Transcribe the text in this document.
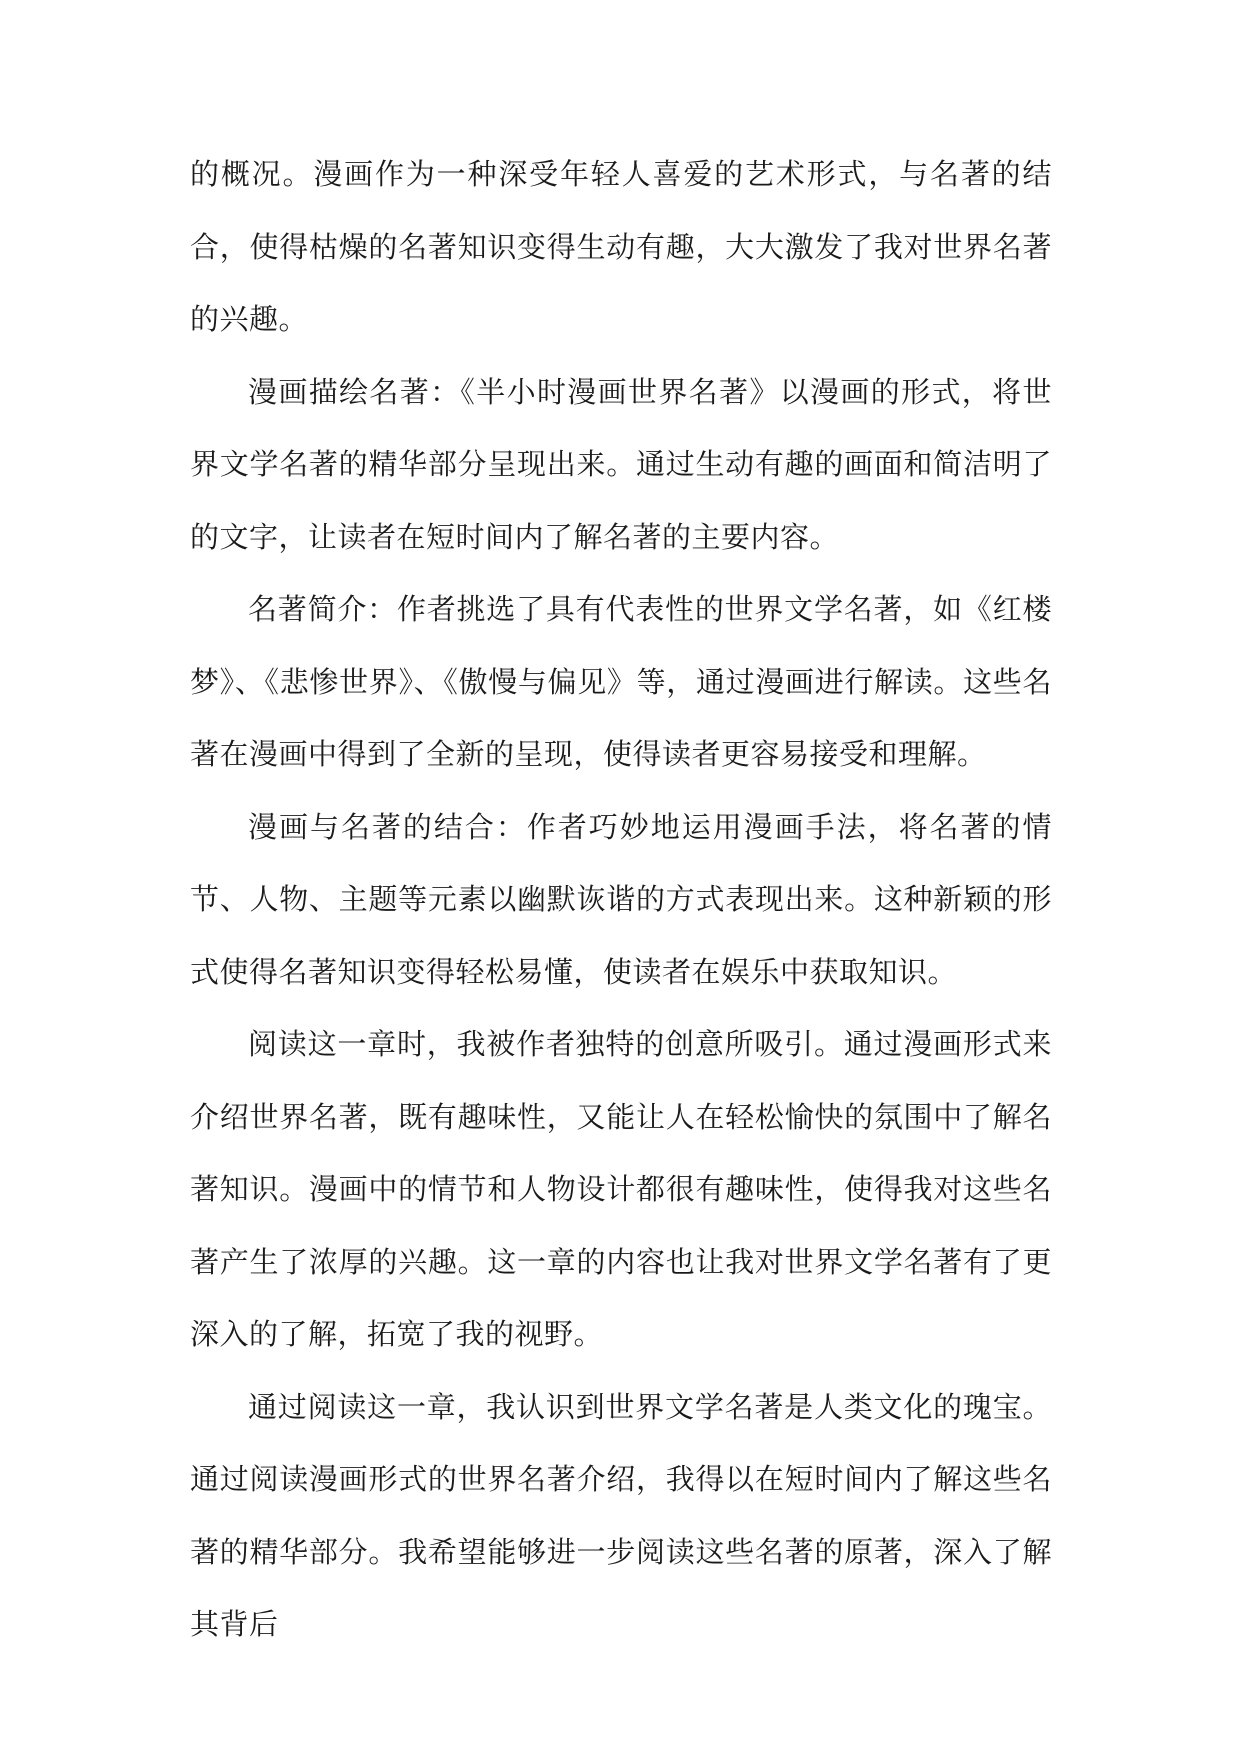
的概况。漫画作为一种深受年轻人喜爱的艺术形式，与名著的结合，使得枯燥的名著知识变得生动有趣，大大激发了我对世界名著的兴趣。

漫画描绘名著：《半小时漫画世界名著》以漫画的形式，将世界文学名著的精华部分呈现出来。通过生动有趣的画面和简洁明了的文字，让读者在短时间内了解名著的主要内容。

名著简介：作者挑选了具有代表性的世界文学名著，如《红楼梦》、《悲惨世界》、《傲慢与偏见》等，通过漫画进行解读。这些名著在漫画中得到了全新的呈现，使得读者更容易接受和理解。

漫画与名著的结合：作者巧妙地运用漫画手法，将名著的情节、人物、主题等元素以幽默诙谐的方式表现出来。这种新颖的形式使得名著知识变得轻松易懂，使读者在娱乐中获取知识。

阅读这一章时，我被作者独特的创意所吸引。通过漫画形式来介绍世界名著，既有趣味性，又能让人在轻松愉快的氛围中了解名著知识。漫画中的情节和人物设计都很有趣味性，使得我对这些名著产生了浓厚的兴趣。这一章的内容也让我对世界文学名著有了更深入的了解，拓宽了我的视野。

通过阅读这一章，我认识到世界文学名著是人类文化的瑰宝。通过阅读漫画形式的世界名著介绍，我得以在短时间内了解这些名著的精华部分。我希望能够进一步阅读这些名著的原著，深入了解其背后
